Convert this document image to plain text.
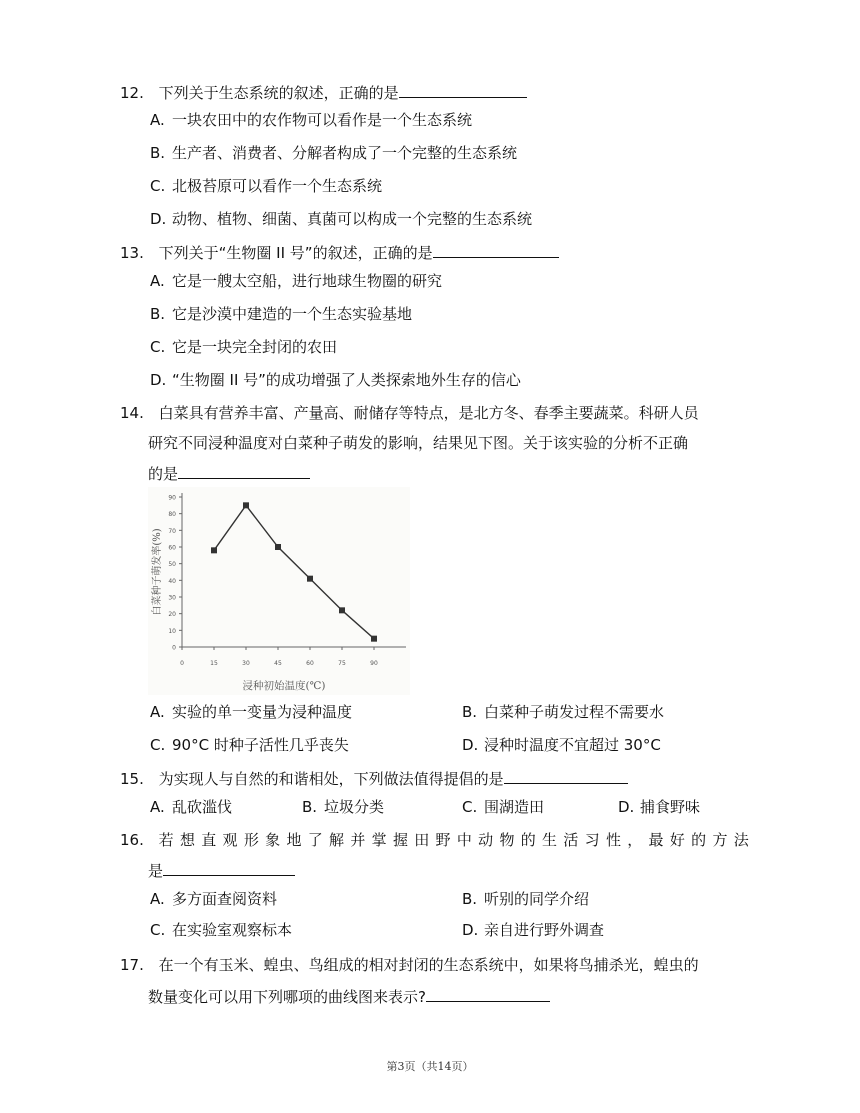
12. 下列关于生态系统的叙述，正确的是
A. 一块农田中的农作物可以看作是一个生态系统
B. 生产者、消费者、分解者构成了一个完整的生态系统
C. 北极苔原可以看作一个生态系统
D. 动物、植物、细菌、真菌可以构成一个完整的生态系统
13. 下列关于“生物圈 II 号”的叙述，正确的是
A. 它是一艘太空船，进行地球生物圈的研究
B. 它是沙漠中建造的一个生态实验基地
C. 它是一块完全封闭的农田
D. “生物圈 II 号”的成功增强了人类探索地外生存的信心
14. 白菜具有营养丰富、产量高、耐储存等特点，是北方冬、春季主要蔬菜。科研人员
研究不同浸种温度对白菜种子萌发的影响，结果见下图。关于该实验的分析不正确
的是
0
10
20
30
40
50
60
70
80
90
0	15	30	45	60	75	90
浸种初始温度(℃)
白菜种子萌发率(%)
A. 实验的单一变量为浸种温度	B. 白菜种子萌发过程不需要水
C. 90°C 时种子活性几乎丧失	D. 浸种时温度不宜超过 30°C
15. 为实现人与自然的和谐相处，下列做法值得提倡的是
A. 乱砍滥伐	B. 垃圾分类	C. 围湖造田	D. 捕食野味
16. 若想直观形象地了解并掌握田野中动物的生活习性，最好的方法
是
A. 多方面查阅资料	B. 听别的同学介绍
C. 在实验室观察标本	D. 亲自进行野外调查
17. 在一个有玉米、蝗虫、鸟组成的相对封闭的生态系统中，如果将鸟捕杀光，蝗虫的
数量变化可以用下列哪项的曲线图来表示?
第3页（共14页）
